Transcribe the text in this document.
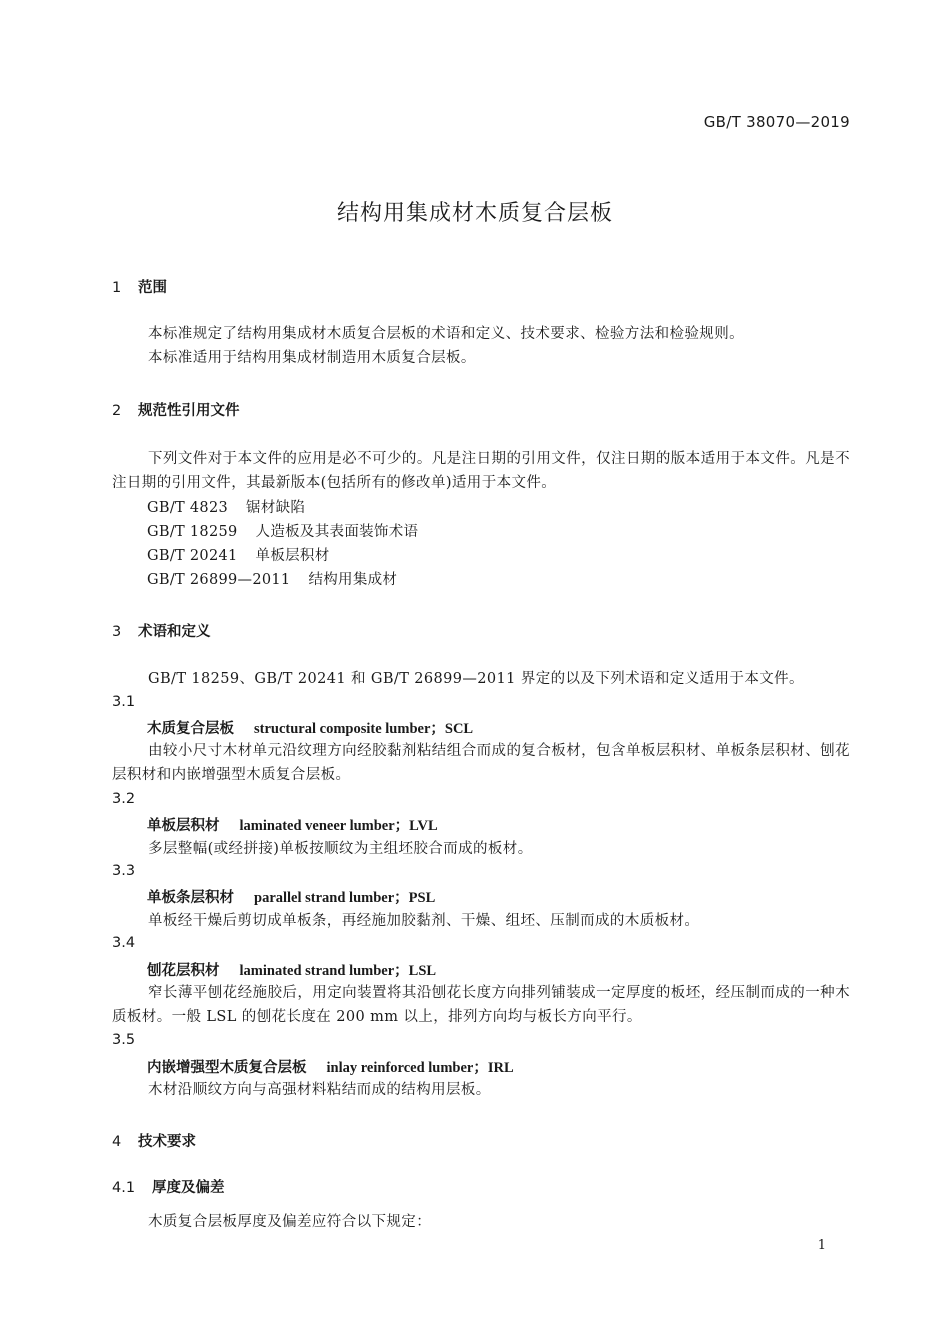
GB/T 38070—2019
结构用集成材木质复合层板
1 范围
本标准规定了结构用集成材木质复合层板的术语和定义、技术要求、检验方法和检验规则。
本标准适用于结构用集成材制造用木质复合层板。
2 规范性引用文件
下列文件对于本文件的应用是必不可少的。凡是注日期的引用文件，仅注日期的版本适用于本文件。凡是不注日期的引用文件，其最新版本(包括所有的修改单)适用于本文件。
GB/T 4823 锯材缺陷
GB/T 18259 人造板及其表面装饰术语
GB/T 20241 单板层积材
GB/T 26899—2011 结构用集成材
3 术语和定义
GB/T 18259、GB/T 20241 和 GB/T 26899—2011 界定的以及下列术语和定义适用于本文件。
3.1
木质复合层板 structural composite lumber；SCL
由较小尺寸木材单元沿纹理方向经胶黏剂粘结组合而成的复合板材，包含单板层积材、单板条层积材、刨花层积材和内嵌增强型木质复合层板。
3.2
单板层积材 laminated veneer lumber；LVL
多层整幅(或经拼接)单板按顺纹为主组坯胶合而成的板材。
3.3
单板条层积材 parallel strand lumber；PSL
单板经干燥后剪切成单板条，再经施加胶黏剂、干燥、组坯、压制而成的木质板材。
3.4
刨花层积材 laminated strand lumber；LSL
窄长薄平刨花经施胶后，用定向装置将其沿刨花长度方向排列铺装成一定厚度的板坯，经压制而成的一种木质板材。一般 LSL 的刨花长度在 200 mm 以上，排列方向均与板长方向平行。
3.5
内嵌增强型木质复合层板 inlay reinforced lumber；IRL
木材沿顺纹方向与高强材料粘结而成的结构用层板。
4 技术要求
4.1 厚度及偏差
木质复合层板厚度及偏差应符合以下规定：
1
